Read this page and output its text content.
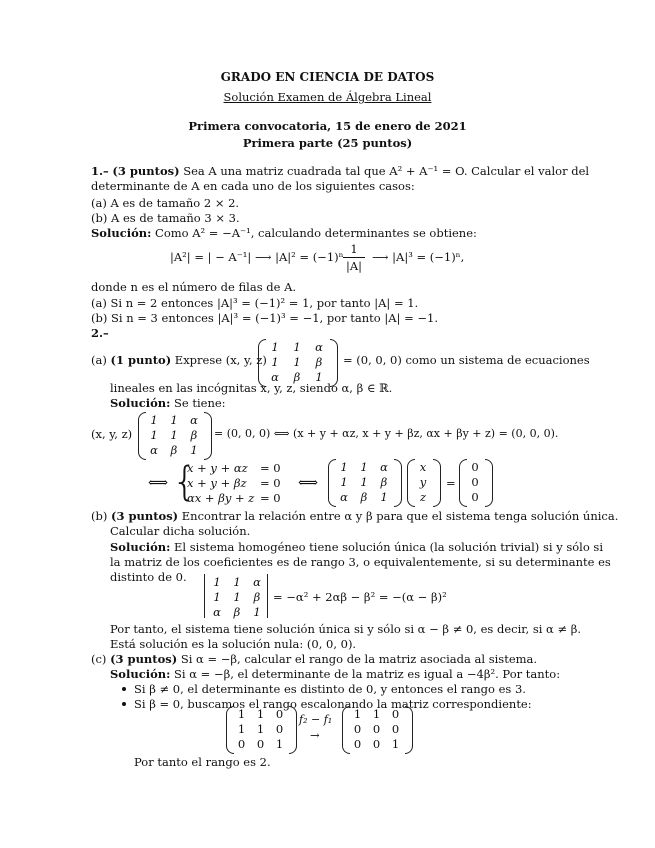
GRADO EN CIENCIA DE DATOS
Solución Examen de Álgebra Lineal
Primera convocatoria, 15 de enero de 2021
Primera parte (25 puntos)
1.– (3 puntos) Sea A una matriz cuadrada tal que A² + A⁻¹ = O. Calcular el valor del
determinante de A en cada uno de los siguientes casos:
(a) A es de tamaño 2 × 2.
(b) A es de tamaño 3 × 3.
Solución: Como A² = −A⁻¹, calculando determinantes se obtiene:
|A²| = | − A⁻¹| ⟶ |A|² = (−1)ⁿ
1
|A|
⟶ |A|³ = (−1)ⁿ,
donde n es el número de filas de A.
(a) Si n = 2 entonces |A|³ = (−1)² = 1, por tanto |A| = 1.
(b) Si n = 3 entonces |A|³ = (−1)³ = −1, por tanto |A| = −1.
2.–
(a) (1 punto) Exprese (x, y, z)
1	1	α
1	1	β
α	β	1
= (0, 0, 0) como un sistema de ecuaciones
lineales en las incógnitas x, y, z, siendo α, β ∈ ℝ.
Solución: Se tiene:
(x, y, z)
1	1	α
1	1	β
α	β	1
= (0, 0, 0) ⟺ (x + y + αz, x + y + βz, αx + βy + z) = (0, 0, 0).
⟺ {
x + y + αz = 0
x + y + βz = 0
αx + βy + z = 0
⟺
1	1	α
1	1	β
α	β	1
x
y
z
=
0
0
0
(b) (3 puntos) Encontrar la relación entre α y β para que el sistema tenga solución única.
Calcular dicha solución.
Solución: El sistema homogéneo tiene solución única (la solución trivial) si y sólo si
la matriz de los coeficientes es de rango 3, o equivalentemente, si su determinante es
distinto de 0.	1	1	α
1	1	β
α	β	1
= −α² + 2αβ − β² = −(α − β)²
Por tanto, el sistema tiene solución única si y sólo si α − β ≠ 0, es decir, si α ≠ β.
Está solución es la solución nula: (0, 0, 0).
(c) (3 puntos) Si α = −β, calcular el rango de la matriz asociada al sistema.
Solución: Si α = −β, el determinante de la matriz es igual a −4β². Por tanto:
Si β ≠ 0, el determinante es distinto de 0, y entonces el rango es 3.
Si β = 0, buscamos el rango escalonando la matriz correspondiente:
1	1	0
1	1	0
0	0	1
f₂ − f₁
→
1	1	0
0	0	0
0	0	1
Por tanto el rango es 2.
